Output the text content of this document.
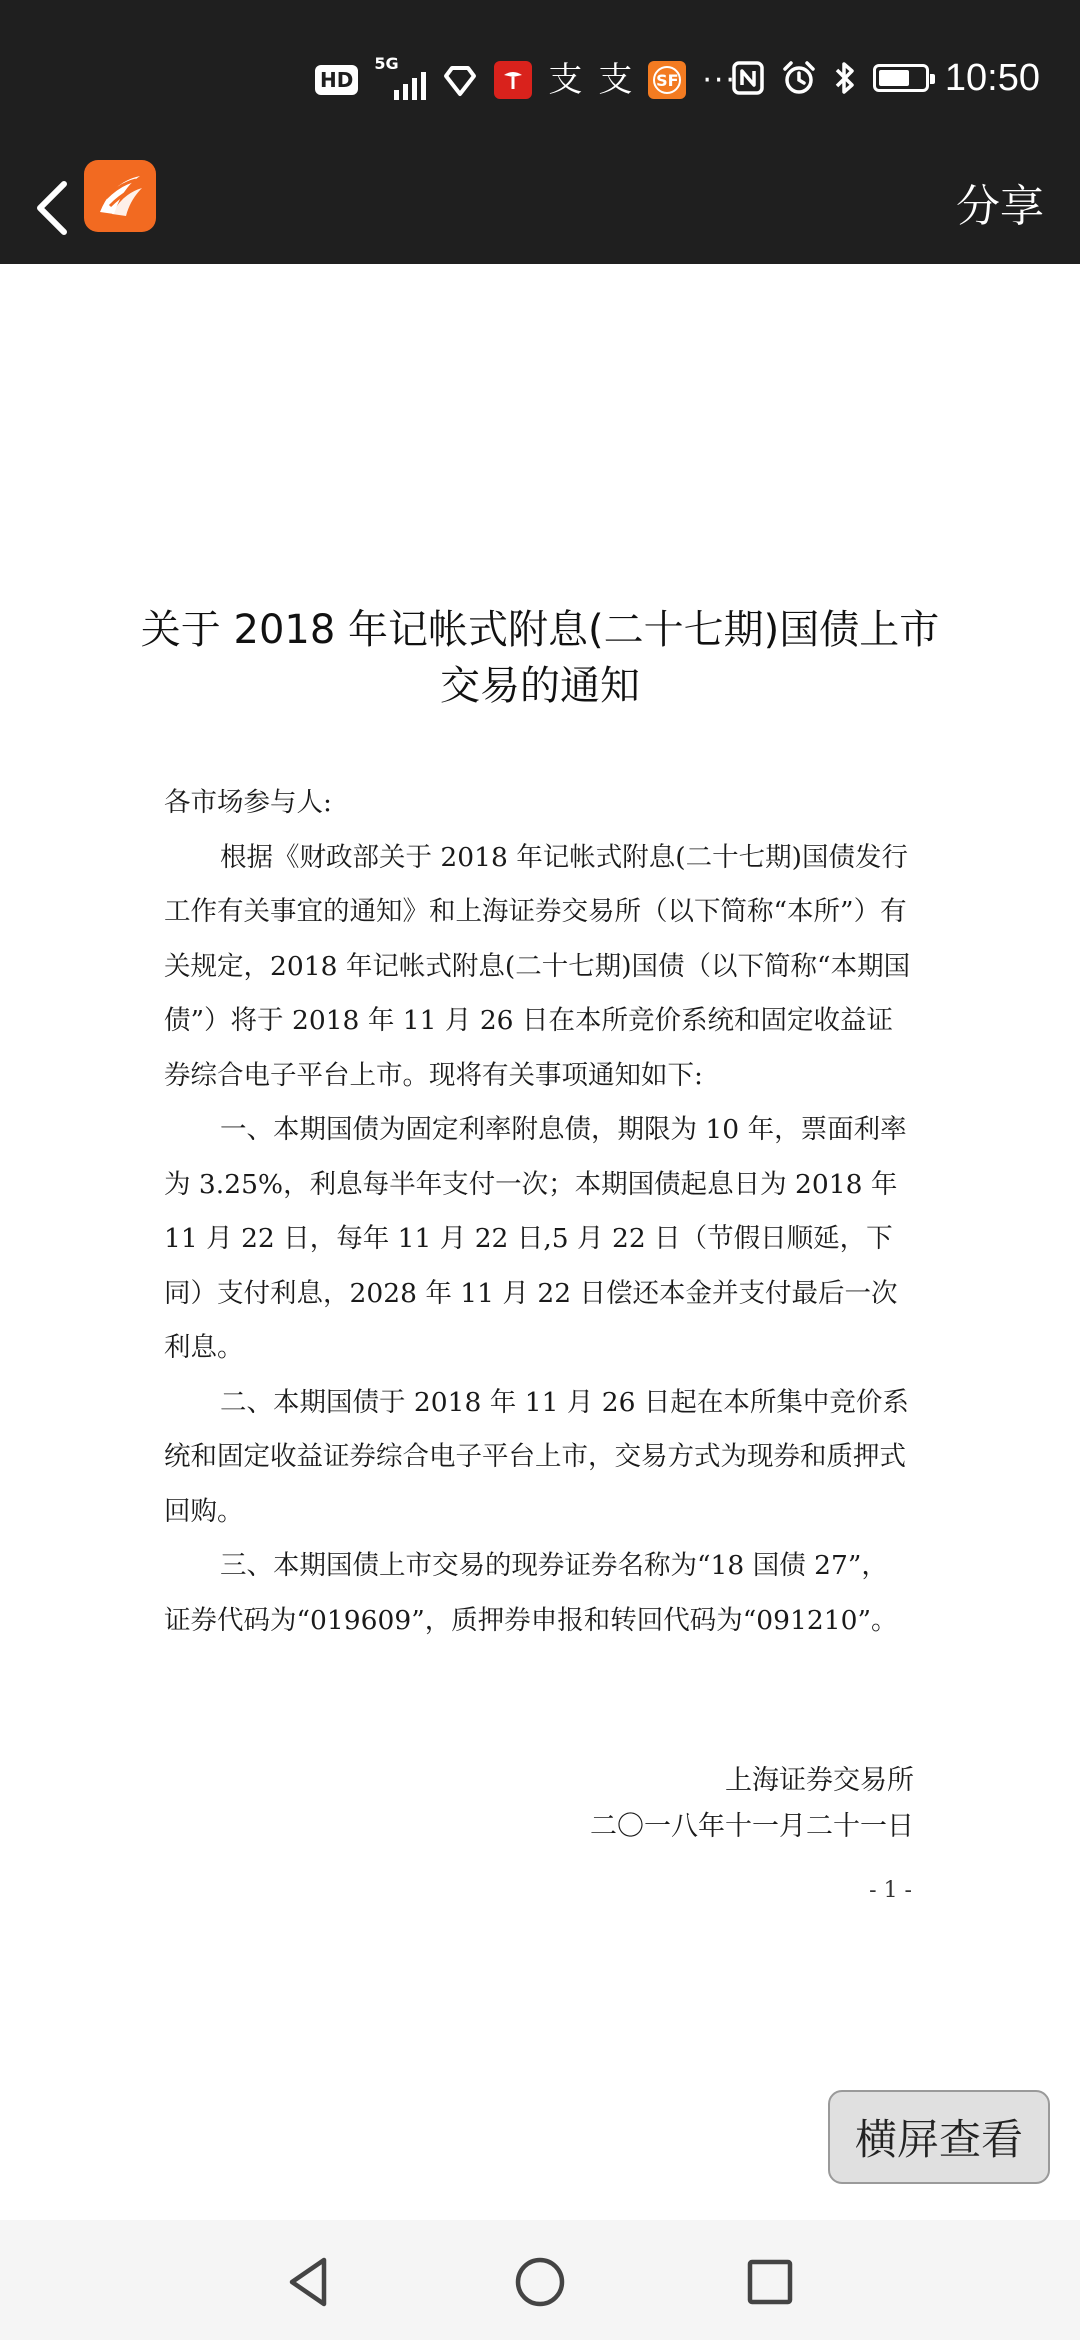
HD
5G	支 支 SF ···	10:50
分享
关于 2018 年记帐式附息(二十七期)国债上市
交易的通知

各市场参与人:

根据《财政部关于 2018 年记帐式附息(二十七期)国债发行工作有关事宜的通知》和上海证券交易所（以下简称“本所”）有关规定，2018 年记帐式附息(二十七期)国债（以下简称“本期国债”）将于 2018 年 11 月 26 日在本所竞价系统和固定收益证券综合电子平台上市。现将有关事项通知如下:

一、本期国债为固定利率附息债，期限为 10 年，票面利率为 3.25%，利息每半年支付一次；本期国债起息日为 2018 年 11 月 22 日，每年 11 月 22 日,5 月 22 日（节假日顺延，下同）支付利息，2028 年 11 月 22 日偿还本金并支付最后一次利息。

二、本期国债于 2018 年 11 月 26 日起在本所集中竞价系统和固定收益证券综合电子平台上市，交易方式为现券和质押式回购。

三、本期国债上市交易的现券证券名称为“18 国债 27”，证券代码为“019609”，质押券申报和转回代码为“091210”。

上海证券交易所
二〇一八年十一月二十一日
- 1 -
横屏查看
